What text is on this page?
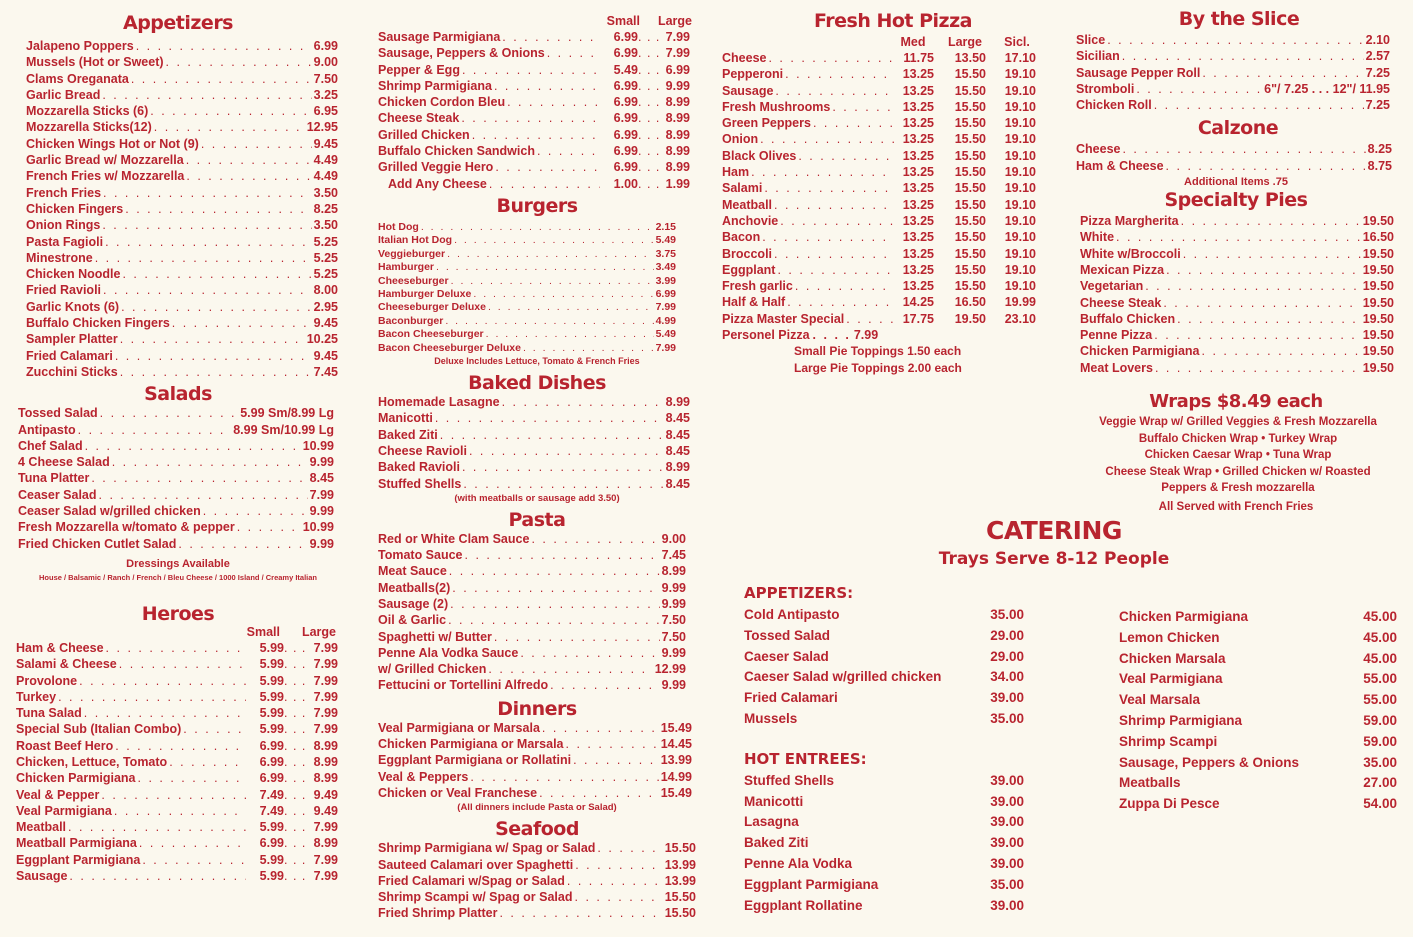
Appetizers
Jalapeno Poppers . . .	6.99
Mussels (Hot or Sweet) . . .	9.00
Clams Oreganata . . .	7.50
Garlic Bread . . .	3.25
Mozzarella Sticks (6) . . .	6.95
Mozzarella Sticks(12) . . .	12.95
Chicken Wings Hot or Not (9) . . .	9.45
Garlic Bread w/ Mozzarella . . .	4.49
French Fries w/ Mozzarella . . .	4.49
French Fries . . .	3.50
Chicken Fingers . . .	8.25
Onion Rings . . .	3.50
Pasta Fagioli . . .	5.25
Minestrone . . .	5.25
Chicken Noodle . . .	5.25
Fried Ravioli . . .	8.00
Garlic Knots (6) . . .	2.95
Buffalo Chicken Fingers . . .	9.45
Sampler Platter . . .	10.25
Fried Calamari . . .	9.45
Zucchini Sticks . . .	7.45
Salads
Tossed Salad . . .	5.99 Sm/8.99 Lg
Antipasto . . .	8.99 Sm/10.99 Lg
Chef Salad . . .	10.99
4 Cheese Salad . . .	9.99
Tuna Platter . . .	8.45
Ceaser Salad . . .	7.99
Ceaser Salad w/grilled chicken . . .	9.99
Fresh Mozzarella w/tomato & pepper . . .	10.99
Fried Chicken Cutlet Salad . . .	9.99
Dressings Available
House / Balsamic / Ranch / French / Bleu Cheese / 1000 Island / Creamy Italian
Heroes
Small	Large
Ham & Cheese . . .	5.99 . . . 7.99
Salami & Cheese . . .	5.99 . . . 7.99
Provolone . . .	5.99 . . . 7.99
Turkey . . .	5.99 . . . 7.99
Tuna Salad . . .	5.99 . . . 7.99
Special Sub (Italian Combo) . . .	5.99 . . . 7.99
Roast Beef Hero . . .	6.99 . . . 8.99
Chicken, Lettuce, Tomato . . .	6.99 . . . 8.99
Chicken Parmigiana . . .	6.99 . . . 8.99
Veal & Pepper . . .	7.49 . . . 9.49
Veal Parmigiana . . .	7.49 . . . 9.49
Meatball . . .	5.99 . . . 7.99
Meatball Parmigiana . . .	6.99 . . . 8.99
Eggplant Parmigiana . . .	5.99 . . . 7.99
Sausage . . .	5.99 . . . 7.99
Small	Large
Sausage Parmigiana . . .	6.99 . . . 7.99
Sausage, Peppers & Onions . . .	6.99 . . . 7.99
Pepper & Egg . . .	5.49 . . . 6.99
Shrimp Parmigiana . . .	6.99 . . . 9.99
Chicken Cordon Bleu . . .	6.99 . . . 8.99
Cheese Steak . . .	6.99 . . . 8.99
Grilled Chicken . . .	6.99 . . . 8.99
Buffalo Chicken Sandwich . . .	6.99 . . . 8.99
Grilled Veggie Hero . . .	6.99 . . . 8.99
Add Any Cheese . . .	1.00 . . . 1.99
Burgers
Hot Dog . . .	2.15
Italian Hot Dog . . .	5.49
Veggieburger . . .	3.75
Hamburger . . .	3.49
Cheeseburger . . .	3.99
Hamburger Deluxe . . .	6.99
Cheeseburger Deluxe . . .	7.99
Baconburger . . .	4.99
Bacon Cheeseburger . . .	5.49
Bacon Cheeseburger Deluxe . . .	7.99
Deluxe Includes Lettuce, Tomato & French Fries
Baked Dishes
Homemade Lasagne . . .	8.99
Manicotti . . .	8.45
Baked Ziti . . .	8.45
Cheese Ravioli . . .	8.45
Baked Ravioli . . .	8.99
Stuffed Shells . . .	8.45
(with meatballs or sausage add 3.50)
Pasta
Red or White Clam Sauce . . .	9.00
Tomato Sauce . . .	7.45
Meat Sauce . . .	8.99
Meatballs(2) . . .	9.99
Sausage (2) . . .	9.99
Oil & Garlic . . .	7.50
Spaghetti w/ Butter . . .	7.50
Penne Ala Vodka Sauce . . .	9.99
w/ Grilled Chicken . . .	12.99
Fettucini or Tortellini Alfredo . . .	9.99
Dinners
Veal Parmigiana or Marsala . . .	15.49
Chicken Parmigiana or Marsala . . .	14.45
Eggplant Parmigiana or Rollatini . . .	13.99
Veal & Peppers . . .	14.99
Chicken or Veal Franchese . . .	15.49
(All dinners include Pasta or Salad)
Seafood
Shrimp Parmigiana w/ Spag or Salad . . .	15.50
Sauteed Calamari over Spaghetti . . .	13.99
Fried Calamari w/Spag or Salad . . .	13.99
Shrimp Scampi w/ Spag or Salad . . .	15.50
Fried Shrimp Platter . . .	15.50
Fresh Hot Pizza
Med	Large	Sicl.
Cheese . . .	11.75	13.50	17.10
Pepperoni . . .	13.25	15.50	19.10
Sausage . . .	13.25	15.50	19.10
Fresh Mushrooms . . .	13.25	15.50	19.10
Green Peppers . . .	13.25	15.50	19.10
Onion . . .	13.25	15.50	19.10
Black Olives . . .	13.25	15.50	19.10
Ham . . .	13.25	15.50	19.10
Salami . . .	13.25	15.50	19.10
Meatball . . .	13.25	15.50	19.10
Anchovie . . .	13.25	15.50	19.10
Bacon . . .	13.25	15.50	19.10
Broccoli . . .	13.25	15.50	19.10
Eggplant . . .	13.25	15.50	19.10
Fresh garlic . . .	13.25	15.50	19.10
Half & Half . . .	14.25	16.50	19.99
Pizza Master Special . . .	17.75	19.50	23.10
Personel Pizza . . . . 7.99
Small Pie Toppings 1.50 each
Large Pie Toppings 2.00 each
By the Slice
Slice . . .	2.10
Sicilian . . .	2.57
Sausage Pepper Roll . . .	7.25
Stromboli . . .	6"/ 7.25 . . . 12"/ 11.95
Chicken Roll . . .	7.25
Calzone
Cheese . . .	8.25
Ham & Cheese . . .	8.75
Additional Items .75
Specialty Pies
Pizza Margherita . . .	19.50
White . . .	16.50
White w/Broccoli . . .	19.50
Mexican Pizza . . .	19.50
Vegetarian . . .	19.50
Cheese Steak . . .	19.50
Buffalo Chicken . . .	19.50
Penne Pizza . . .	19.50
Chicken Parmigiana . . .	19.50
Meat Lovers . . .	19.50
Wraps $8.49 each
Veggie Wrap w/ Grilled Veggies & Fresh Mozzarella
Buffalo Chicken Wrap • Turkey Wrap
Chicken Caesar Wrap • Tuna Wrap
Cheese Steak Wrap • Grilled Chicken w/ Roasted
Peppers & Fresh mozzarella
All Served with French Fries
CATERING
Trays Serve 8-12 People
APPETIZERS:
Cold Antipasto	35.00
Tossed Salad	29.00
Caeser Salad	29.00
Caeser Salad w/grilled chicken	34.00
Fried Calamari	39.00
Mussels	35.00
HOT ENTREES:
Stuffed Shells	39.00
Manicotti	39.00
Lasagna	39.00
Baked Ziti	39.00
Penne Ala Vodka	39.00
Eggplant Parmigiana	35.00
Eggplant Rollatine	39.00
Chicken Parmigiana	45.00
Lemon Chicken	45.00
Chicken Marsala	45.00
Veal Parmigiana	55.00
Veal Marsala	55.00
Shrimp Parmigiana	59.00
Shrimp Scampi	59.00
Sausage, Peppers & Onions	35.00
Meatballs	27.00
Zuppa Di Pesce	54.00
